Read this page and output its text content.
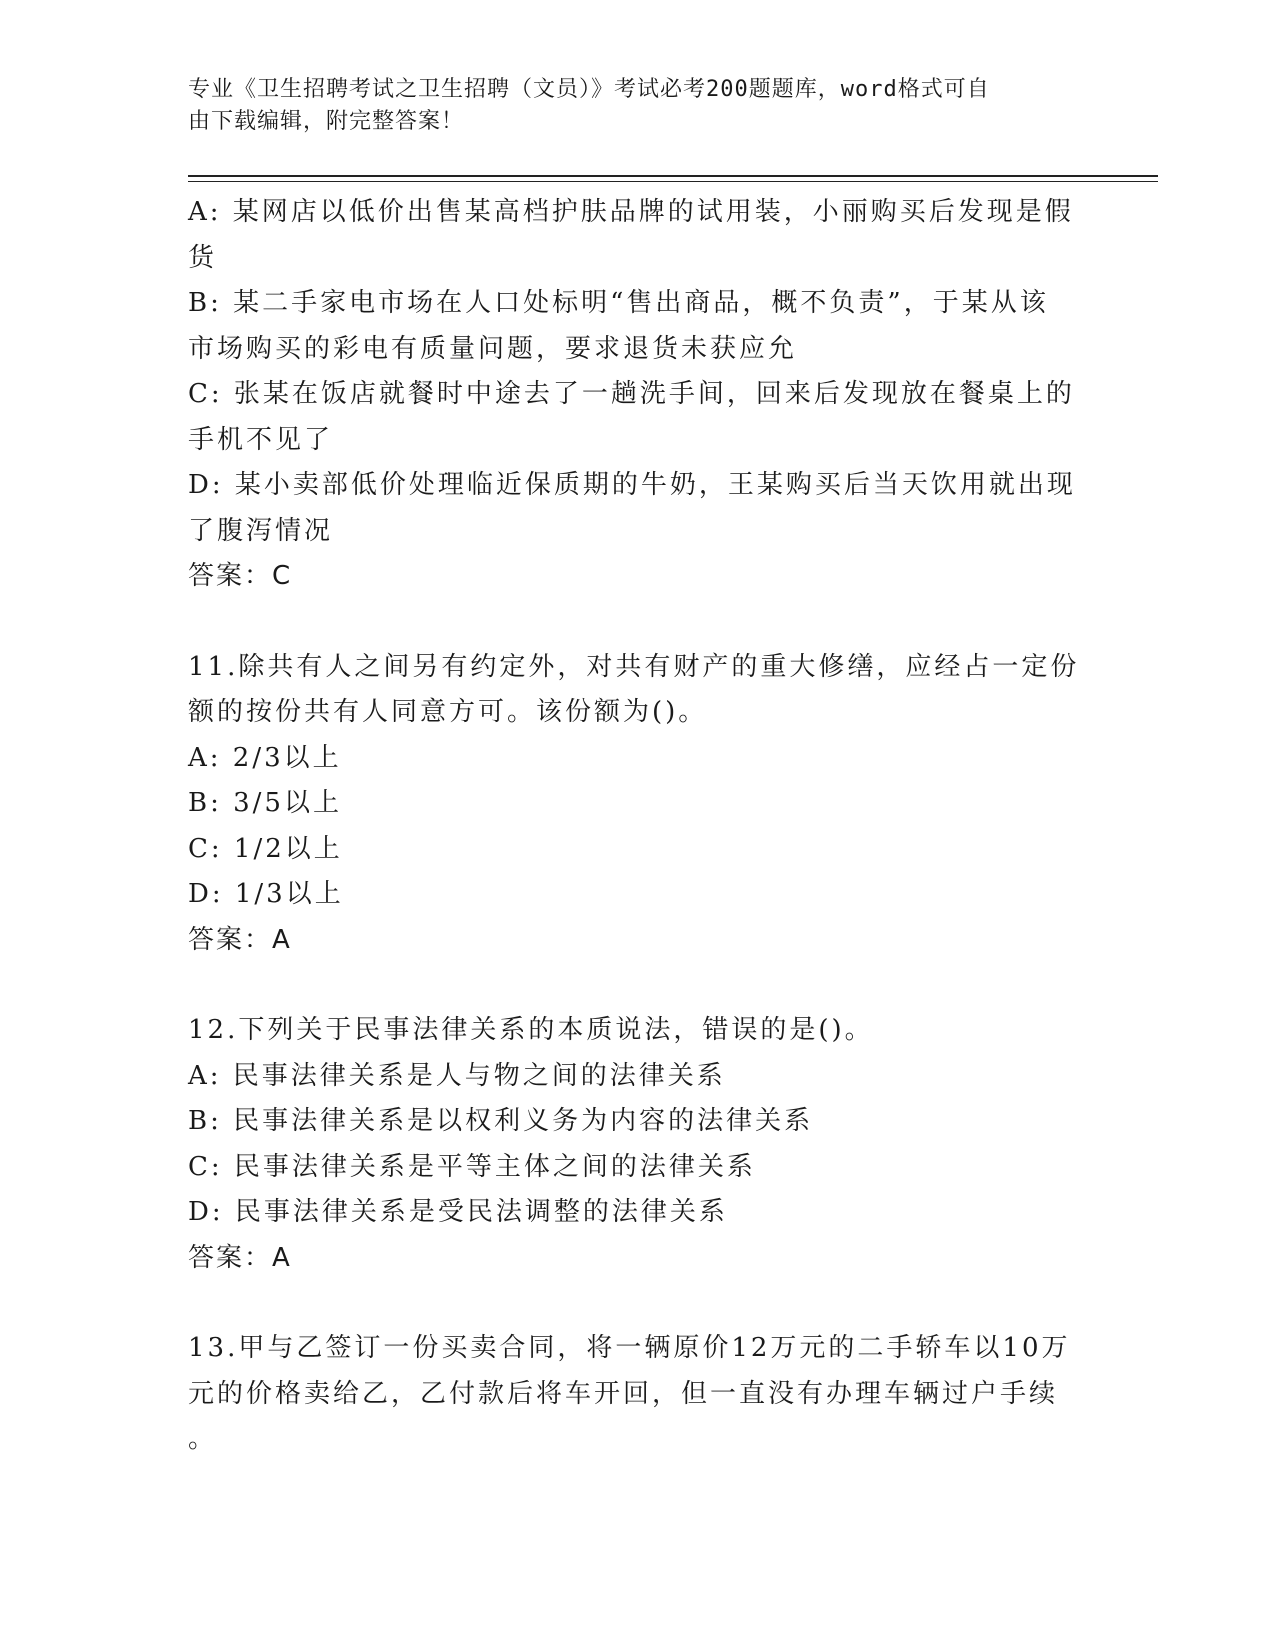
专业《卫生招聘考试之卫生招聘（文员）》考试必考200题题库，word格式可自
由下载编辑，附完整答案！
A: 某网店以低价出售某高档护肤品牌的试用装，小丽购买后发现是假
货
B: 某二手家电市场在人口处标明“售出商品，概不负责”，于某从该
市场购买的彩电有质量问题，要求退货未获应允
C: 张某在饭店就餐时中途去了一趟洗手间，回来后发现放在餐桌上的
手机不见了
D: 某小卖部低价处理临近保质期的牛奶，王某购买后当天饮用就出现
了腹泻情况
答案：C
11.除共有人之间另有约定外，对共有财产的重大修缮，应经占一定份
额的按份共有人同意方可。该份额为()。
A: 2/3以上
B: 3/5以上
C: 1/2以上
D: 1/3以上
答案：A
12.下列关于民事法律关系的本质说法，错误的是()。
A: 民事法律关系是人与物之间的法律关系
B: 民事法律关系是以权利义务为内容的法律关系
C: 民事法律关系是平等主体之间的法律关系
D: 民事法律关系是受民法调整的法律关系
答案：A
13.甲与乙签订一份买卖合同，将一辆原价12万元的二手轿车以10万
元的价格卖给乙，乙付款后将车开回，但一直没有办理车辆过户手续
。
